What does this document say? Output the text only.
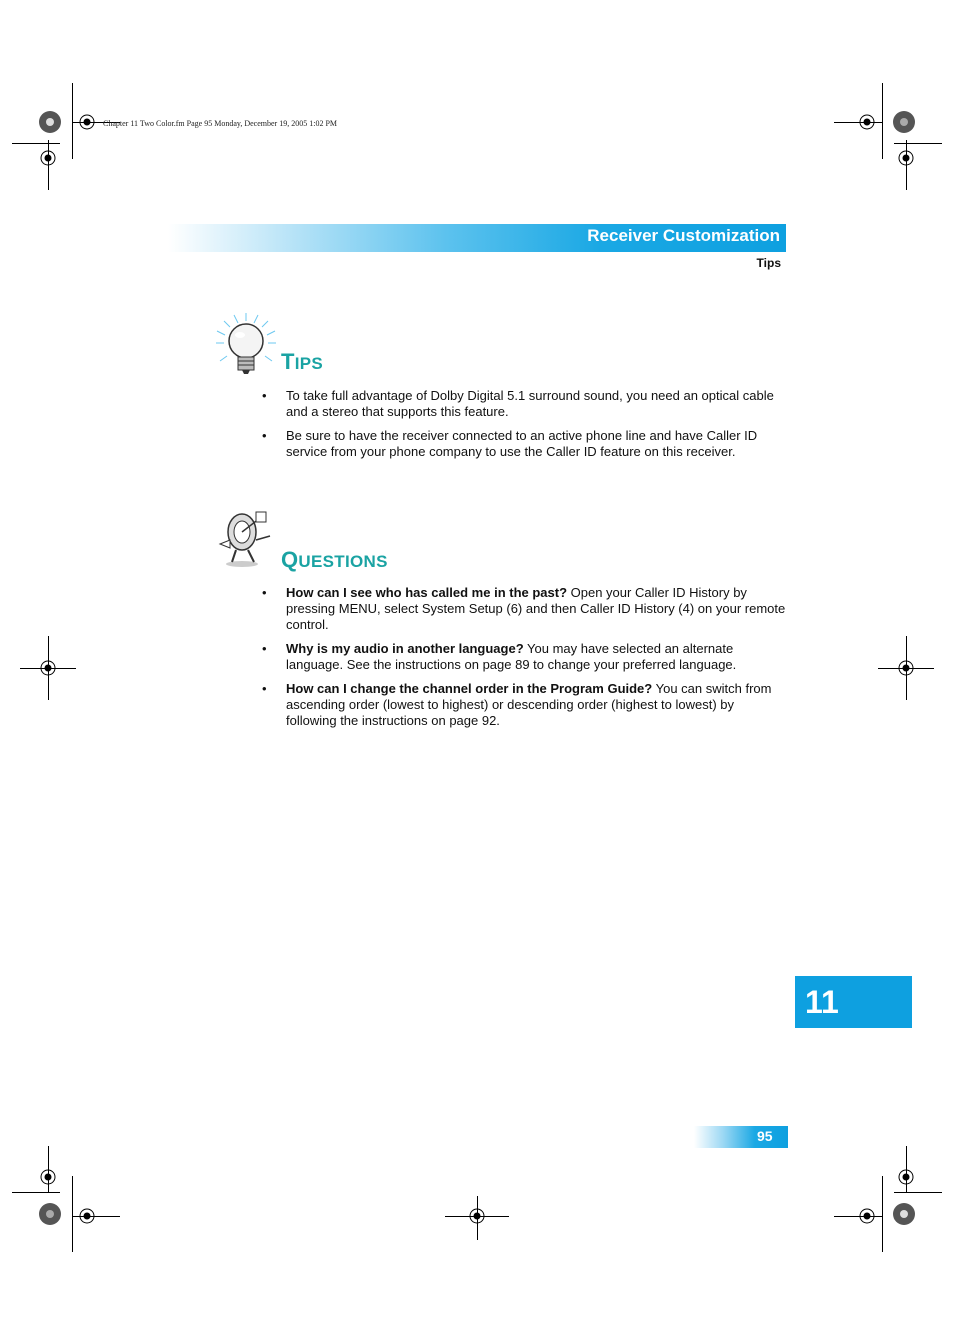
Chapter 11 Two Color.fm Page 95 Monday, December 19, 2005 1:02 PM
Receiver Customization
Tips
TIPS
• To take full advantage of Dolby Digital 5.1 surround sound, you need an optical cable and a stereo that supports this feature.
• Be sure to have the receiver connected to an active phone line and have Caller ID service from your phone company to use the Caller ID feature on this receiver.
QUESTIONS
• How can I see who has called me in the past? Open your Caller ID History by pressing MENU, select System Setup (6) and then Caller ID History (4) on your remote control.
• Why is my audio in another language? You may have selected an alternate language. See the instructions on page 89 to change your preferred language.
• How can I change the channel order in the Program Guide? You can switch from ascending order (lowest to highest) or descending order (highest to lowest) by following the instructions on page 92.
11
95
